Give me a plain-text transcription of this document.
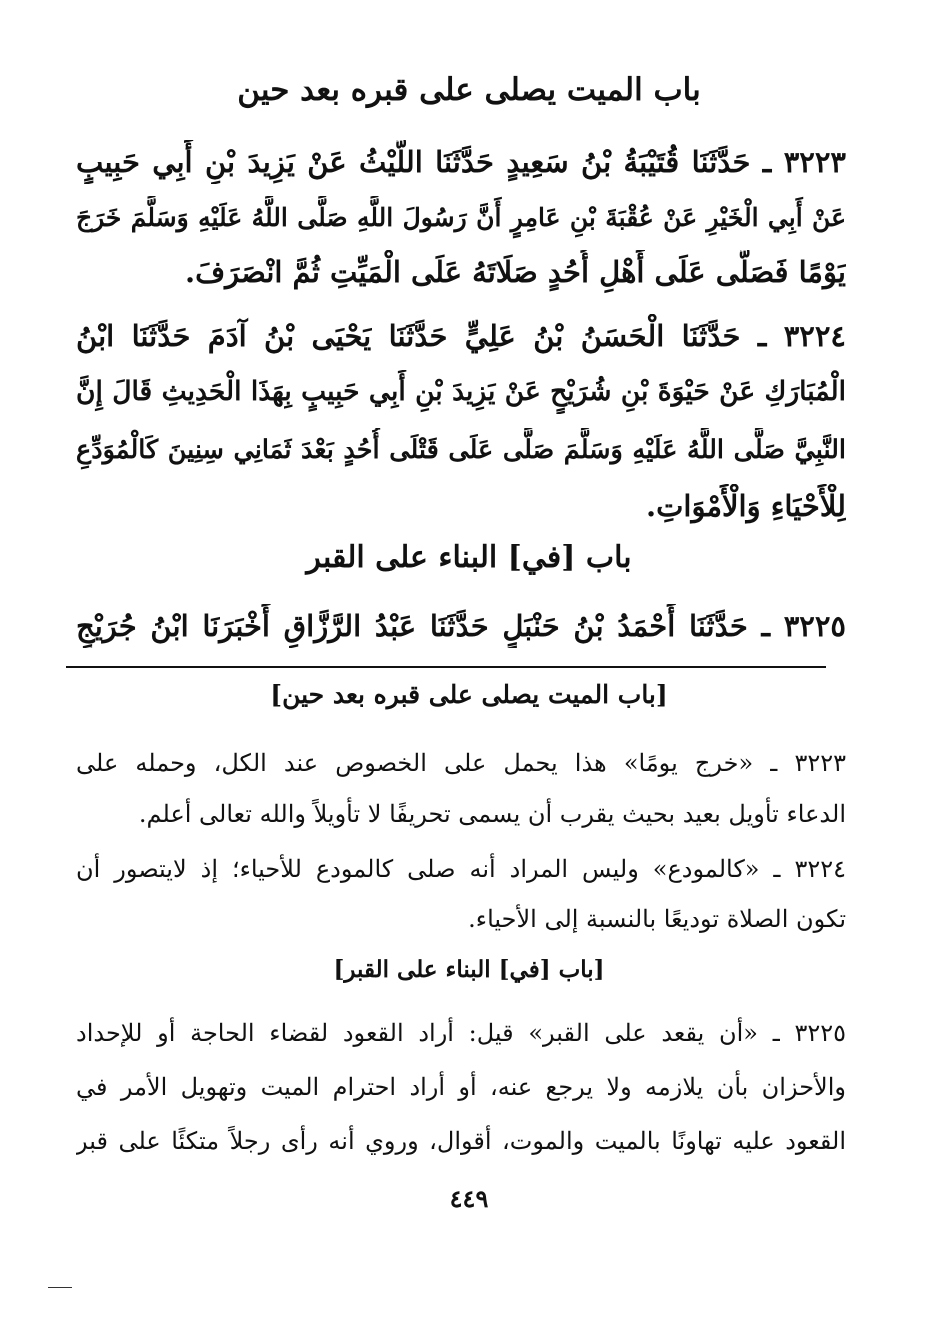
باب الميت يصلى على قبره بعد حين
٣٢٢٣ ـ حَدَّثَنَا قُتَيْبَةُ بْنُ سَعِيدٍ حَدَّثَنَا اللَّيْثُ عَنْ يَزِيدَ بْنِ أَبِي حَبِيبٍ
عَنْ أَبِي الْخَيْرِ عَنْ عُقْبَةَ بْنِ عَامِرٍ أَنَّ رَسُولَ اللَّهِ صَلَّى اللَّهُ عَلَيْهِ وَسَلَّمَ خَرَجَ
يَوْمًا فَصَلَّى عَلَى أَهْلِ أُحُدٍ صَلَاتَهُ عَلَى الْمَيِّتِ ثُمَّ انْصَرَفَ.
٣٢٢٤ ـ حَدَّثَنَا الْحَسَنُ بْنُ عَلِيٍّ حَدَّثَنَا يَحْيَى بْنُ آدَمَ حَدَّثَنَا ابْنُ
الْمُبَارَكِ عَنْ حَيْوَةَ بْنِ شُرَيْحٍ عَنْ يَزِيدَ بْنِ أَبِي حَبِيبٍ بِهَذَا الْحَدِيثِ قَالَ إِنَّ
النَّبِيَّ صَلَّى اللَّهُ عَلَيْهِ وَسَلَّمَ صَلَّى عَلَى قَتْلَى أُحُدٍ بَعْدَ ثَمَانِي سِنِينَ كَالْمُوَدِّعِ
لِلْأَحْيَاءِ وَالْأَمْوَاتِ.
باب [في] البناء على القبر
٣٢٢٥ ـ حَدَّثَنَا أَحْمَدُ بْنُ حَنْبَلٍ حَدَّثَنَا عَبْدُ الرَّزَّاقِ أَخْبَرَنَا ابْنُ جُرَيْجٍ
[باب الميت يصلى على قبره بعد حين]
٣٢٢٣ ـ «خرج يومًا» هذا يحمل على الخصوص عند الكل، وحمله على
الدعاء تأويل بعيد بحيث يقرب أن يسمى تحريفًا لا تأويلاً والله تعالى أعلم.
٣٢٢٤ ـ «كالمودع» وليس المراد أنه صلى كالمودع للأحياء؛ إذ لايتصور أن
تكون الصلاة توديعًا بالنسبة إلى الأحياء.
[باب [في] البناء على القبر]
٣٢٢٥ ـ «أن يقعد على القبر» قيل: أراد القعود لقضاء الحاجة أو للإحداد
والأحزان بأن يلازمه ولا يرجع عنه، أو أراد احترام الميت وتهويل الأمر في
القعود عليه تهاونًا بالميت والموت، أقوال، وروي أنه رأى رجلاً متكئًا على قبر
٤٤٩
